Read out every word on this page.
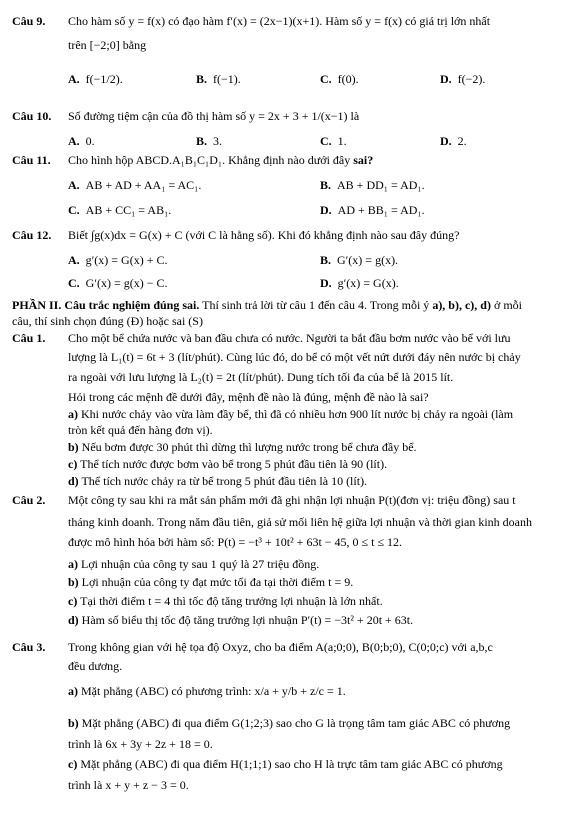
Câu 9. Cho hàm số y = f(x) có đạo hàm f′(x) = (2x−1)(x+1). Hàm số y = f(x) có giá trị lớn nhất
trên [−2;0] bằng
A. f(−1/2).	B. f(−1).	C. f(0).	D. f(−2).
Câu 10. Số đường tiệm cận của đồ thị hàm số y = 2x + 3 + 1/(x−1) là
A. 0.	B. 3.	C. 1.	D. 2.
Câu 11. Cho hình hộp ABCD.A₁B₁C₁D₁. Khẳng định nào dưới đây sai?
A. AB + AD + AA₁ = AC₁.	B. AB + DD₁ = AD₁.
C. AB + CC₁ = AB₁.	D. AD + BB₁ = AD₁.
Câu 12. Biết ∫g(x)dx = G(x) + C (với C là hằng số). Khi đó khẳng định nào sau đây đúng?
A. g′(x) = G(x) + C.	B. G′(x) = g(x).
C. G′(x) = g(x) − C.	D. g′(x) = G(x).
PHẦN II. Câu trắc nghiệm đúng sai. Thí sinh trả lời từ câu 1 đến câu 4. Trong mỗi ý a), b), c), d) ở mỗi
câu, thí sinh chọn đúng (Đ) hoặc sai (S)
Câu 1. Cho một bể chứa nước và ban đầu chưa có nước. Người ta bắt đầu bơm nước vào bể với lưu
lượng là L₁(t) = 6t + 3 (lít/phút). Cùng lúc đó, do bể có một vết nứt dưới đáy nên nước bị chảy
ra ngoài với lưu lượng là L₂(t) = 2t (lít/phút). Dung tích tối đa của bể là 2015 lít.
Hỏi trong các mệnh đề dưới đây, mệnh đề nào là đúng, mệnh đề nào là sai?
a) Khi nước chảy vào vừa làm đầy bể, thì đã có nhiều hơn 900 lít nước bị chảy ra ngoài (làm
tròn kết quả đến hàng đơn vị).
b) Nếu bơm được 30 phút thì dừng thì lượng nước trong bể chưa đầy bể.
c) Thể tích nước được bơm vào bể trong 5 phút đầu tiên là 90 (lít).
d) Thể tích nước chảy ra từ bể trong 5 phút đầu tiên là 10 (lít).
Câu 2. Một công ty sau khi ra mắt sản phẩm mới đã ghi nhận lợi nhuận P(t)(đơn vị: triệu đồng) sau t
tháng kinh doanh. Trong năm đầu tiên, giả sử mối liên hệ giữa lợi nhuận và thời gian kinh doanh
được mô hình hóa bởi hàm số: P(t) = −t³ + 10t² + 63t − 45, 0 ≤ t ≤ 12.
a) Lợi nhuận của công ty sau 1 quý là 27 triệu đồng.
b) Lợi nhuận của công ty đạt mức tối đa tại thời điểm t = 9.
c) Tại thời điểm t = 4 thì tốc độ tăng trưởng lợi nhuận là lớn nhất.
d) Hàm số biểu thị tốc độ tăng trưởng lợi nhuận P′(t) = −3t² + 20t + 63t.
Câu 3. Trong không gian với hệ tọa độ Oxyz, cho ba điểm A(a;0;0), B(0;b;0), C(0;0;c) với a,b,c
đều dương.
a) Mặt phẳng (ABC) có phương trình: x/a + y/b + z/c = 1.
b) Mặt phẳng (ABC) đi qua điểm G(1;2;3) sao cho G là trọng tâm tam giác ABC có phương
trình là 6x + 3y + 2z + 18 = 0.
c) Mặt phẳng (ABC) đi qua điểm H(1;1;1) sao cho H là trực tâm tam giác ABC có phương
trình là x + y + z − 3 = 0.
